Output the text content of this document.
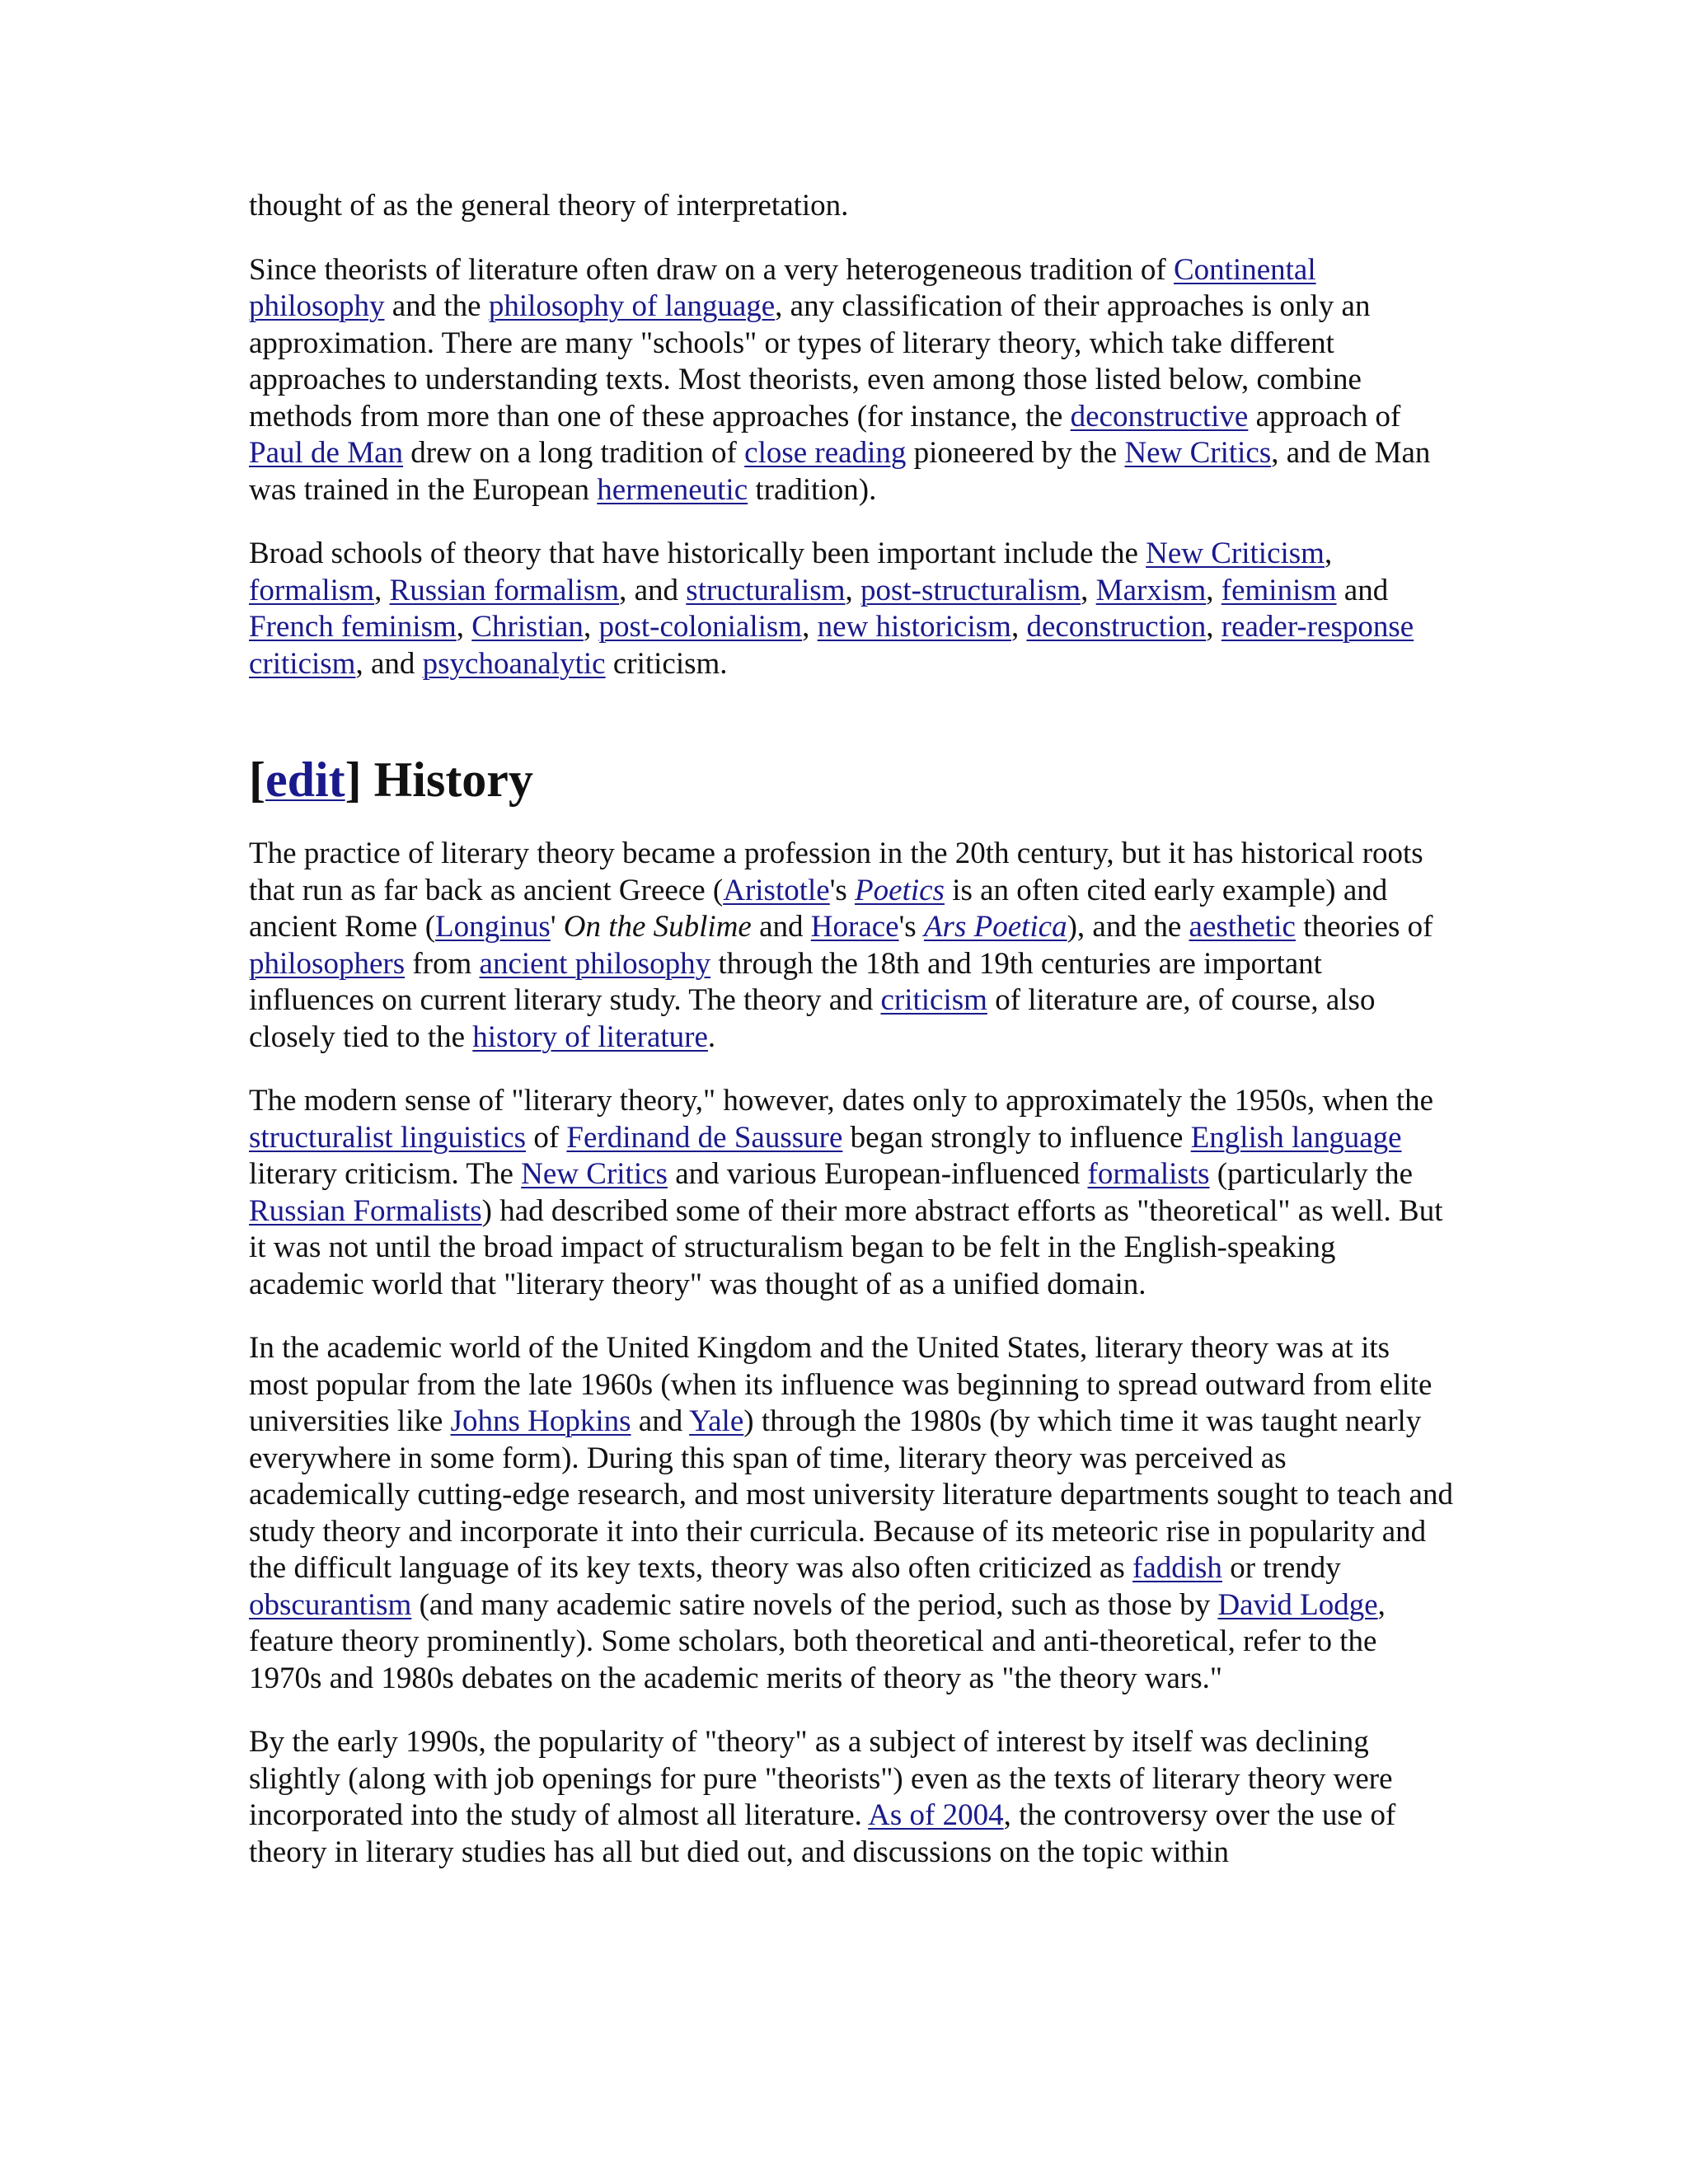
thought of as the general theory of interpretation.

Since theorists of literature often draw on a very heterogeneous tradition of Continental philosophy and the philosophy of language, any classification of their approaches is only an approximation. There are many "schools" or types of literary theory, which take different approaches to understanding texts. Most theorists, even among those listed below, combine methods from more than one of these approaches (for instance, the deconstructive approach of Paul de Man drew on a long tradition of close reading pioneered by the New Critics, and de Man was trained in the European hermeneutic tradition).

Broad schools of theory that have historically been important include the New Criticism, formalism, Russian formalism, and structuralism, post-structuralism, Marxism, feminism and French feminism, Christian, post-colonialism, new historicism, deconstruction, reader-response criticism, and psychoanalytic criticism.

[edit] History

The practice of literary theory became a profession in the 20th century, but it has historical roots that run as far back as ancient Greece (Aristotle's Poetics is an often cited early example) and ancient Rome (Longinus' On the Sublime and Horace's Ars Poetica), and the aesthetic theories of philosophers from ancient philosophy through the 18th and 19th centuries are important influences on current literary study. The theory and criticism of literature are, of course, also closely tied to the history of literature.

The modern sense of "literary theory," however, dates only to approximately the 1950s, when the structuralist linguistics of Ferdinand de Saussure began strongly to influence English language literary criticism. The New Critics and various European-influenced formalists (particularly the Russian Formalists) had described some of their more abstract efforts as "theoretical" as well. But it was not until the broad impact of structuralism began to be felt in the English-speaking academic world that "literary theory" was thought of as a unified domain.

In the academic world of the United Kingdom and the United States, literary theory was at its most popular from the late 1960s (when its influence was beginning to spread outward from elite universities like Johns Hopkins and Yale) through the 1980s (by which time it was taught nearly everywhere in some form). During this span of time, literary theory was perceived as academically cutting-edge research, and most university literature departments sought to teach and study theory and incorporate it into their curricula. Because of its meteoric rise in popularity and the difficult language of its key texts, theory was also often criticized as faddish or trendy obscurantism (and many academic satire novels of the period, such as those by David Lodge, feature theory prominently). Some scholars, both theoretical and anti-theoretical, refer to the 1970s and 1980s debates on the academic merits of theory as "the theory wars."

By the early 1990s, the popularity of "theory" as a subject of interest by itself was declining slightly (along with job openings for pure "theorists") even as the texts of literary theory were incorporated into the study of almost all literature. As of 2004, the controversy over the use of theory in literary studies has all but died out, and discussions on the topic within
